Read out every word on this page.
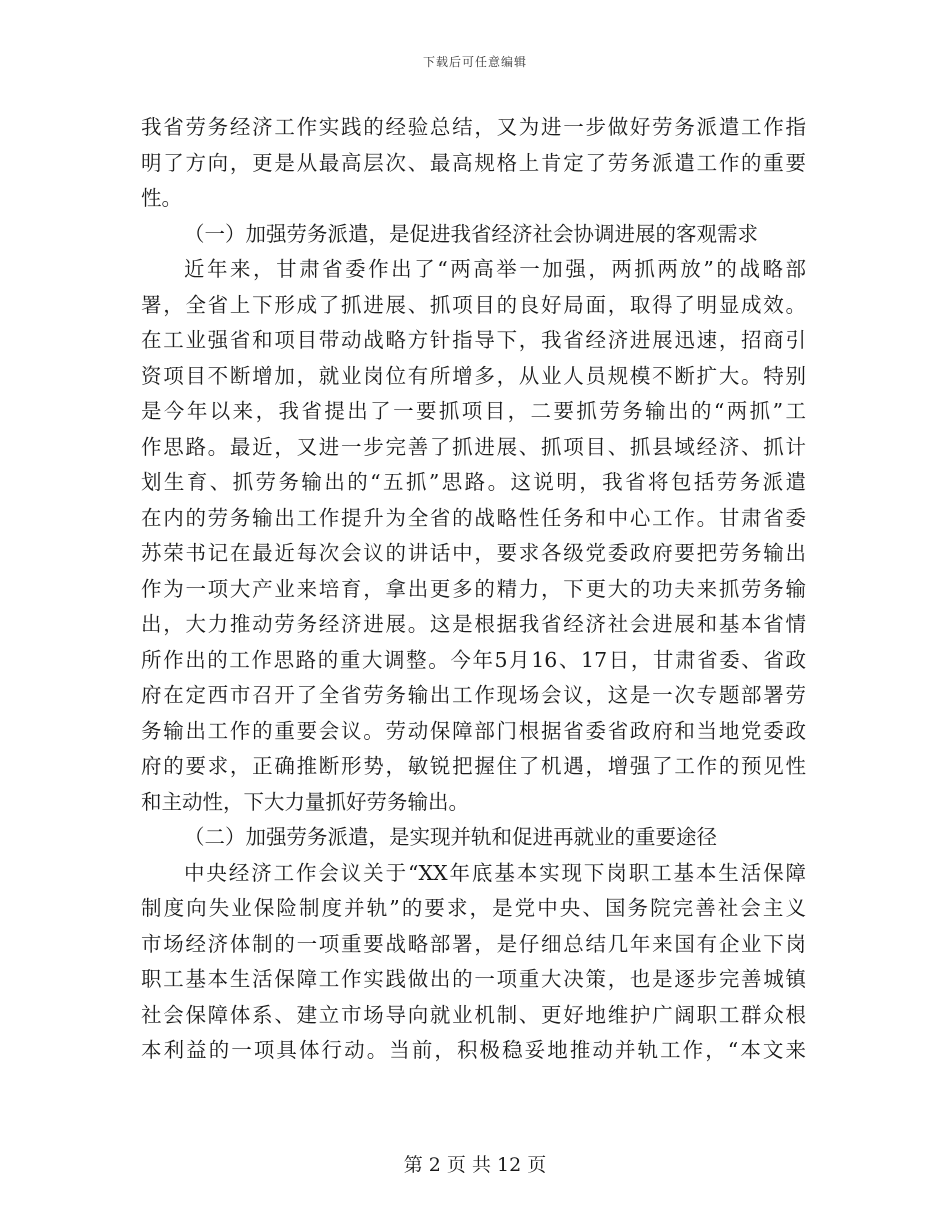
下载后可任意编辑
我省劳务经济工作实践的经验总结，又为进一步做好劳务派遣工作指
明了方向，更是从最高层次、最高规格上肯定了劳务派遣工作的重要
性。
（一）加强劳务派遣，是促进我省经济社会协调进展的客观需求
近年来，甘肃省委作出了“两高举一加强，两抓两放”的战略部
署，全省上下形成了抓进展、抓项目的良好局面，取得了明显成效。
在工业强省和项目带动战略方针指导下，我省经济进展迅速，招商引
资项目不断增加，就业岗位有所增多，从业人员规模不断扩大。特别
是今年以来，我省提出了一要抓项目，二要抓劳务输出的“两抓”工
作思路。最近，又进一步完善了抓进展、抓项目、抓县域经济、抓计
划生育、抓劳务输出的“五抓”思路。这说明，我省将包括劳务派遣
在内的劳务输出工作提升为全省的战略性任务和中心工作。甘肃省委
苏荣书记在最近每次会议的讲话中，要求各级党委政府要把劳务输出
作为一项大产业来培育，拿出更多的精力，下更大的功夫来抓劳务输
出，大力推动劳务经济进展。这是根据我省经济社会进展和基本省情
所作出的工作思路的重大调整。今年5月16、17日，甘肃省委、省政
府在定西市召开了全省劳务输出工作现场会议，这是一次专题部署劳
务输出工作的重要会议。劳动保障部门根据省委省政府和当地党委政
府的要求，正确推断形势，敏锐把握住了机遇，增强了工作的预见性
和主动性，下大力量抓好劳务输出。
（二）加强劳务派遣，是实现并轨和促进再就业的重要途径
中央经济工作会议关于“XX年底基本实现下岗职工基本生活保障
制度向失业保险制度并轨”的要求，是党中央、国务院完善社会主义
市场经济体制的一项重要战略部署，是仔细总结几年来国有企业下岗
职工基本生活保障工作实践做出的一项重大决策，也是逐步完善城镇
社会保障体系、建立市场导向就业机制、更好地维护广阔职工群众根
本利益的一项具体行动。当前，积极稳妥地推动并轨工作，“本文来
第 2 页 共 12 页
